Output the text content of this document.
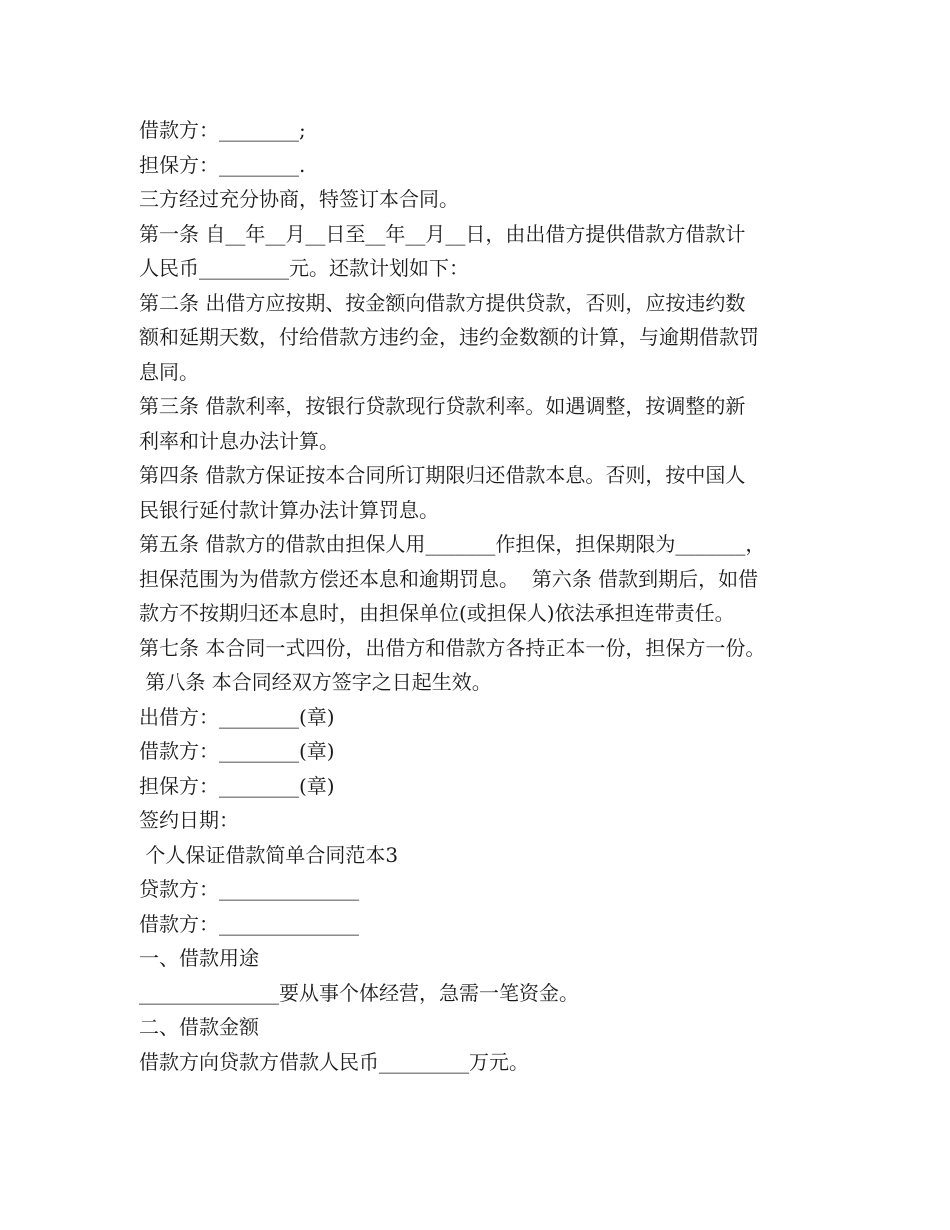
借款方：________;
担保方：________.
三方经过充分协商，特签订本合同。
第一条 自__年__月__日至__年__月__日，由出借方提供借款方借款计
人民币_________元。还款计划如下：
第二条 出借方应按期、按金额向借款方提供贷款，否则，应按违约数
额和延期天数，付给借款方违约金，违约金数额的计算，与逾期借款罚
息同。
第三条 借款利率，按银行贷款现行贷款利率。如遇调整，按调整的新
利率和计息办法计算。
第四条 借款方保证按本合同所订期限归还借款本息。否则，按中国人
民银行延付款计算办法计算罚息。
第五条 借款方的借款由担保人用_______作担保，担保期限为_______，
担保范围为为借款方偿还本息和逾期罚息。  第六条 借款到期后，如借
款方不按期归还本息时，由担保单位(或担保人)依法承担连带责任。
第七条 本合同一式四份，出借方和借款方各持正本一份，担保方一份。
第八条 本合同经双方签字之日起生效。
出借方：________(章)
借款方：________(章)
担保方：________(章)
签约日期：
个人保证借款简单合同范本3
贷款方：______________
借款方：______________
一、借款用途
______________要从事个体经营，急需一笔资金。
二、借款金额
借款方向贷款方借款人民币_________万元。
